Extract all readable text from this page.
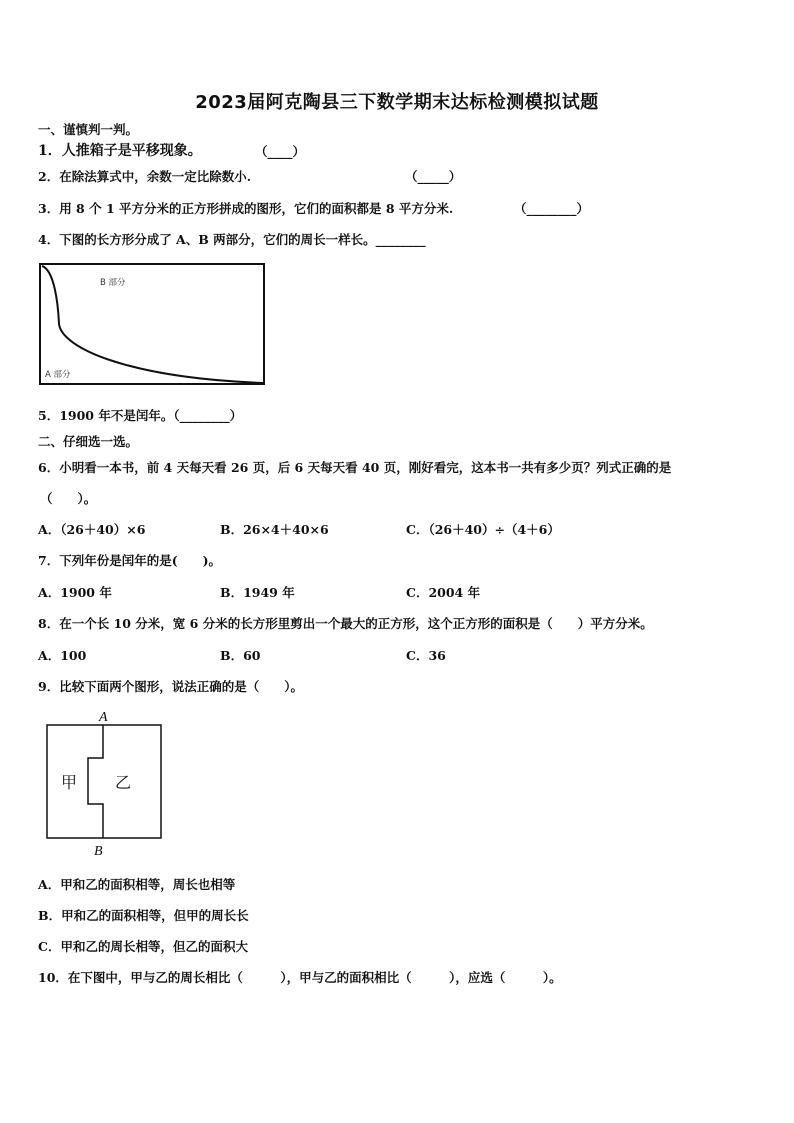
2023届阿克陶县三下数学期末达标检测模拟试题
一、谨慎判一判。
1．人推箱子是平移现象。	（____）
2．在除法算式中，余数一定比除数小.	（_____）
3．用 8 个 1 平方分米的正方形拼成的图形，它们的面积都是 8 平方分米.	（________）
4．下图的长方形分成了 A、B 两部分，它们的周长一样长。________
B 部分
A 部分
5．1900 年不是闰年。（________）
二、仔细选一选。
6．小明看一本书，前 4 天每天看 26 页，后 6 天每天看 40 页，刚好看完，这本书一共有多少页？列式正确的是
（　　）。
A．（26＋40）×6	B．26×4＋40×6	C．（26＋40）÷（4＋6）
7．下列年份是闰年的是(　　)。
A．1900 年	B．1949 年	C．2004 年
8．在一个长 10 分米，宽 6 分米的长方形里剪出一个最大的正方形，这个正方形的面积是（　　）平方分米。
A．100	B．60	C．36
9．比较下面两个图形，说法正确的是（　　）。
A
B
甲 乙
A．甲和乙的面积相等，周长也相等
B．甲和乙的面积相等，但甲的周长长
C．甲和乙的周长相等，但乙的面积大
10．在下图中，甲与乙的周长相比（　　　），甲与乙的面积相比（　　　），应选（　　　）。
